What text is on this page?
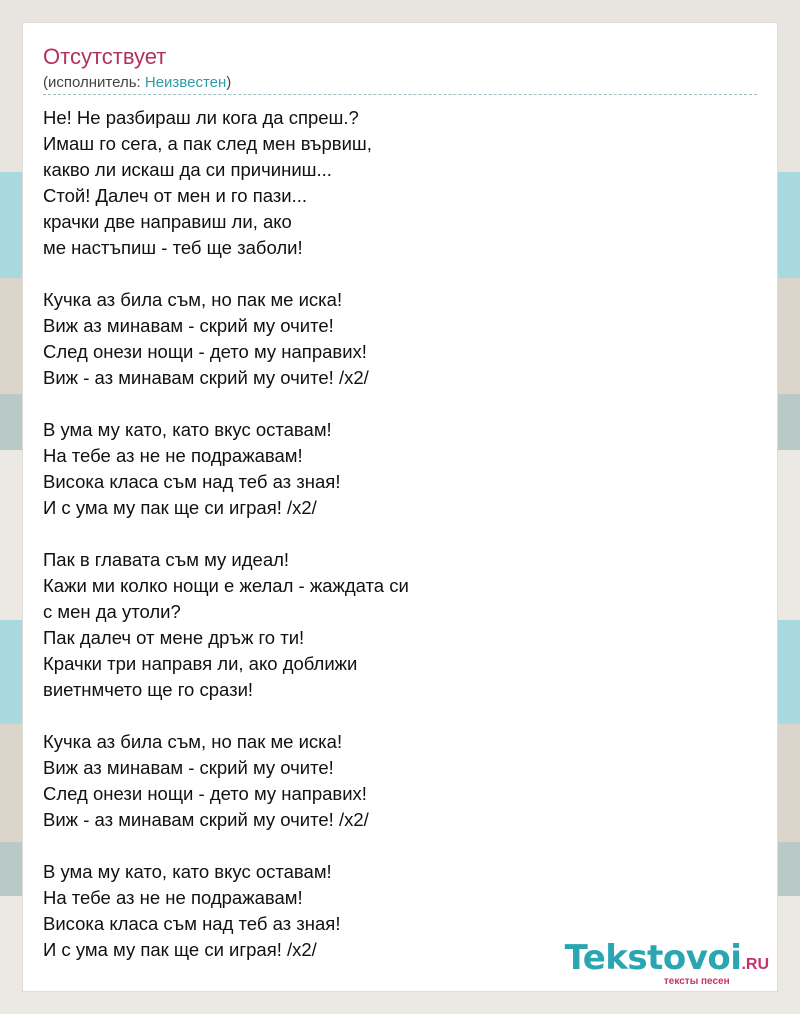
Отсутствует
(исполнитель: Неизвестен)
Не! Не разбираш ли кога да спреш.?
Имаш го сега, а пак след мен вървиш,
какво ли искаш да си причиниш...
Стой! Далеч от мен и го пази...
крачки две направиш ли, ако
ме настъпиш - теб ще заболи!
Кучка аз била съм, но пак ме иска!
Виж аз минавам - скрий му очите!
След онези нощи - дето му направих!
Виж - аз минавам скрий му очите! /x2/
В ума му като, като вкус оставам!
На тебе аз не не подражавам!
Висока класа съм над теб аз зная!
И с ума му пак ще си играя! /x2/
Пак в главата съм му идеал!
Кажи ми колко нощи е желал - жаждата си
с мен да утоли?
Пак далеч от мене дръж го ти!
Крачки три направя ли, ако доближи
виетнмчето ще го срази!
Кучка аз била съм, но пак ме иска!
Виж аз минавам - скрий му очите!
След онези нощи - дето му направих!
Виж - аз минавам скрий му очите! /x2/
В ума му като, като вкус оставам!
На тебе аз не не подражавам!
Висока класа съм над теб аз зная!
И с ума му пак ще си играя! /x2/	Tekstovoi.RU
тексты песен
